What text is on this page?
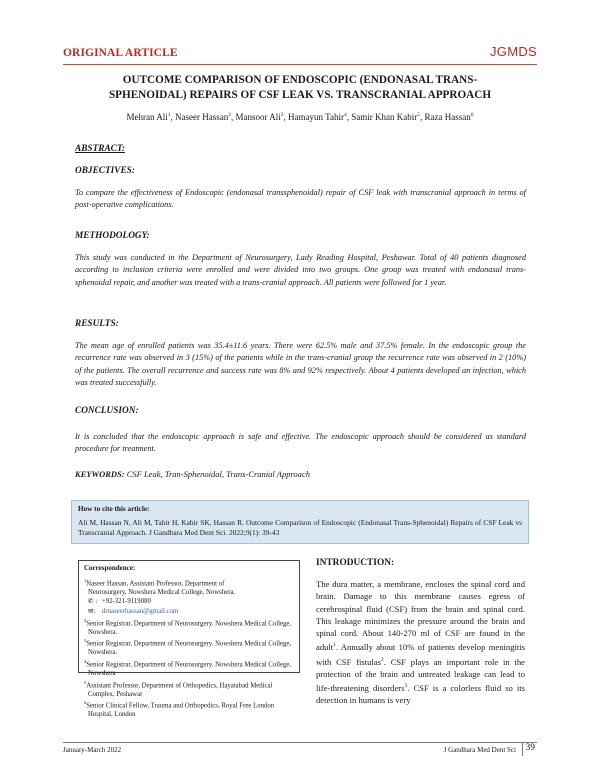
ORIGINAL ARTICLE	JGMDS
OUTCOME COMPARISON OF ENDOSCOPIC (ENDONASAL TRANS-
SPHENOIDAL) REPAIRS OF CSF LEAK VS. TRANSCRANIAL APPROACH
Mehran Ali$^1$, Naseer Hassan$^2$, Mansoor Ali$^3$, Hamayun Tahir$^4$, Samir Khan Kabir$^5$, Raza Hassan$^6$
ABSTRACT:
OBJECTIVES:
To compare the effectiveness of Endoscopic (endonasal transsphenoidal) repair of CSF leak with transcranial approach in terms of post-operative complications.
METHODOLOGY:
This study was conducted in the Department of Neurosurgery, Lady Reading Hospital, Peshawar. Total of 40 patients diagnosed according to inclusion criteria were enrolled and were divided into two groups. One group was treated with endonasal trans-sphenoidal repair, and another was treated with a trans-cranial approach. All patients were followed for 1 year.
RESULTS:
The mean age of enrolled patients was 35.4±11.6 years. There were 62.5% male and 37.5% female. In the endoscopic group the recurrence rate was observed in 3 (15%) of the patients while in the trans-cranial group the recurrence rate was observed in 2 (10%) of the patients. The overall recurrence and success rate was 8% and 92% respectively. About 4 patients developed an infection, which was treated successfully.
CONCLUSION:
It is concluded that the endoscopic approach is safe and effective. The endoscopic approach should be considered as standard procedure for treatment.
KEYWORDS: CSF Leak, Tran-Sphenoidal, Trans-Cranial Approach
How to cite this article:
Ali M, Hassan N, Ali M, Tahir H, Kabir SK, Hassan R. Outcome Comparison of Endoscopic (Endonasal Trans-Sphenoidal) Repairs of CSF Leak vs Transcranial Approach. J Gandhara Med Dent Sci. 2022;9(1): 39-43
Correspondence:
$^1$Naseer Hassan, Assistant Professor, Department of
Neurosurgery, Nowshera Medical College, Nowshera.
✆ : +92-321-9119080
✉: drnaseerhassan@gmail.com
$^2$Senior Registrar, Department of Neurosurgery. Nowshera Medical College, Nowshera.
$^3$Senior Registrar, Department of Neurosurgery. Nowshera Medical College, Nowshera.
$^4$Senior Registrar, Department of Neurosurgery. Nowshera Medical College, Nowshera
$^5$Assistant Professor, Department of Orthopedics, Hayatabad Medical Complex, Peshawar
$^6$Senior Clinical Fellow, Trauma and Orthopedics, Royal Free London Hospital, London
INTRODUCTION:
The dura matter, a membrane, encloses the spinal cord and brain. Damage to this membrane causes egress of cerebrospinal fluid (CSF) from the brain and spinal cord. This leakage minimizes the pressure around the brain and spinal cord. About 140-270 ml of CSF are found in the adult$^1$. Annually about 10% of patients develop meningitis with CSF fistulas$^2$. CSF plays an important role in the protection of the brain and untreated leakage can lead to life-threatening disorders$^3$. CSF is a colorless fluid so its detection in humans is very
January-March 2022	J Gandhara Med Dent Sci	39
